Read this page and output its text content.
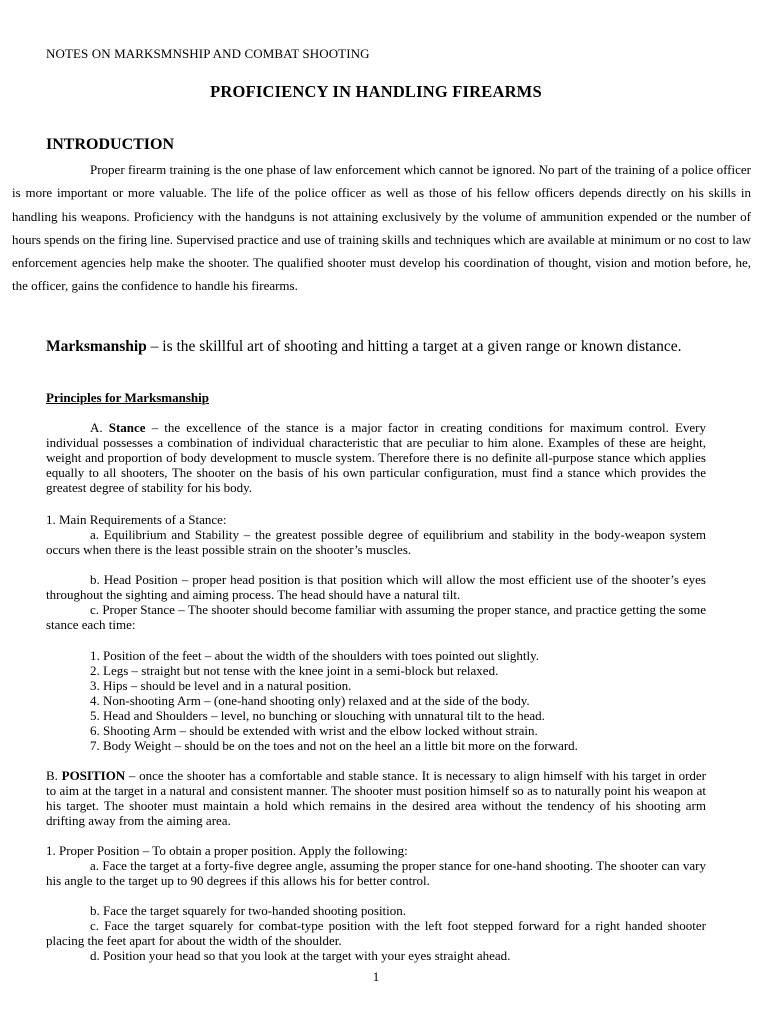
NOTES ON MARKSMNSHIP AND COMBAT SHOOTING
PROFICIENCY IN HANDLING FIREARMS
INTRODUCTION
Proper firearm training is the one phase of law enforcement which cannot be ignored. No part of the training of a police officer is more important or more valuable. The life of the police officer as well as those of his fellow officers depends directly on his skills in handling his weapons. Proficiency with the handguns is not attaining exclusively by the volume of ammunition expended or the number of hours spends on the firing line. Supervised practice and use of training skills and techniques which are available at minimum or no cost to law enforcement agencies help make the shooter. The qualified shooter must develop his coordination of thought, vision and motion before, he, the officer, gains the confidence to handle his firearms.
Marksmanship – is the skillful art of shooting and hitting a target at a given range or known distance.
Principles for Marksmanship
A. Stance – the excellence of the stance is a major factor in creating conditions for maximum control. Every individual possesses a combination of individual characteristic that are peculiar to him alone. Examples of these are height, weight and proportion of body development to muscle system. Therefore there is no definite all-purpose stance which applies equally to all shooters, The shooter on the basis of his own particular configuration, must find a stance which provides the greatest degree of stability for his body.
1. Main Requirements of a Stance:
a. Equilibrium and Stability – the greatest possible degree of equilibrium and stability in the body-weapon system occurs when there is the least possible strain on the shooter’s muscles.
b. Head Position – proper head position is that position which will allow the most efficient use of the shooter’s eyes throughout the sighting and aiming process. The head should have a natural tilt.
c. Proper Stance – The shooter should become familiar with assuming the proper stance, and practice getting the some stance each time:
1. Position of the feet – about the width of the shoulders with toes pointed out slightly.
2. Legs – straight but not tense with the knee joint in a semi-block but relaxed.
3. Hips – should be level and in a natural position.
4. Non-shooting Arm – (one-hand shooting only) relaxed and at the side of the body.
5. Head and Shoulders – level, no bunching or slouching with unnatural tilt to the head.
6. Shooting Arm – should be extended with wrist and the elbow locked without strain.
7. Body Weight – should be on the toes and not on the heel an a little bit more on the forward.
B. POSITION – once the shooter has a comfortable and stable stance. It is necessary to align himself with his target in order to aim at the target in a natural and consistent manner. The shooter must position himself so as to naturally point his weapon at his target. The shooter must maintain a hold which remains in the desired area without the tendency of his shooting arm drifting away from the aiming area.
1. Proper Position – To obtain a proper position. Apply the following:
a. Face the target at a forty-five degree angle, assuming the proper stance for one-hand shooting. The shooter can vary his angle to the target up to 90 degrees if this allows his for better control.
b. Face the target squarely for two-handed shooting position.
c. Face the target squarely for combat-type position with the left foot stepped forward for a right handed shooter placing the feet apart for about the width of the shoulder.
d. Position your head so that you look at the target with your eyes straight ahead.
1
